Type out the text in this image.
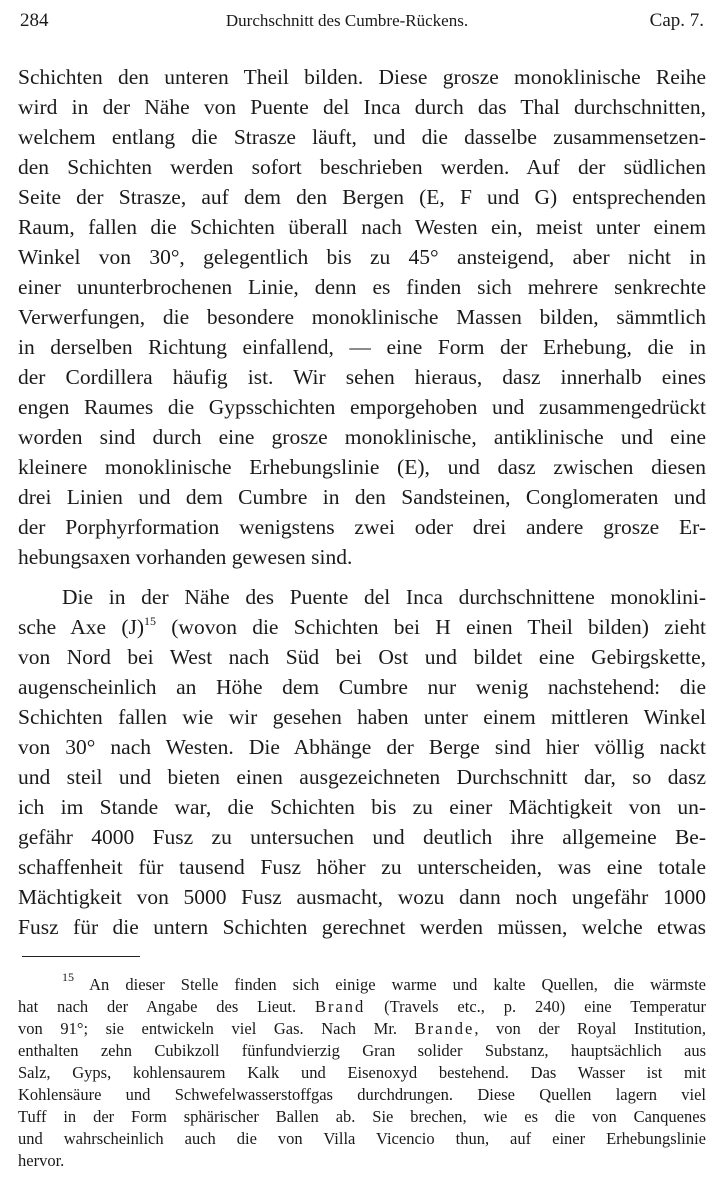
284	Durchschnitt des Cumbre-Rückens.	Cap. 7.
Schichten den unteren Theil bilden. Diese grosze monoklinische Reihe
wird in der Nähe von Puente del Inca durch das Thal durchschnitten,
welchem entlang die Strasze läuft, und die dasselbe zusammensetzen-
den Schichten werden sofort beschrieben werden. Auf der südlichen
Seite der Strasze, auf dem den Bergen (E, F und G) entsprechenden
Raum, fallen die Schichten überall nach Westen ein, meist unter einem
Winkel von 30°, gelegentlich bis zu 45° ansteigend, aber nicht in
einer ununterbrochenen Linie, denn es finden sich mehrere senkrechte
Verwerfungen, die besondere monoklinische Massen bilden, sämmtlich
in derselben Richtung einfallend, — eine Form der Erhebung, die in
der Cordillera häufig ist. Wir sehen hieraus, dasz innerhalb eines
engen Raumes die Gypsschichten emporgehoben und zusammengedrückt
worden sind durch eine grosze monoklinische, antiklinische und eine
kleinere monoklinische Erhebungslinie (E), und dasz zwischen diesen
drei Linien und dem Cumbre in den Sandsteinen, Conglomeraten und
der Porphyrformation wenigstens zwei oder drei andere grosze Er-
hebungsaxen vorhanden gewesen sind.
Die in der Nähe des Puente del Inca durchschnittene monoklini-
sche Axe $(J)^{15}$ (wovon die Schichten bei H einen Theil bilden) zieht
von Nord bei West nach Süd bei Ost und bildet eine Gebirgskette,
augenscheinlich an Höhe dem Cumbre nur wenig nachstehend: die
Schichten fallen wie wir gesehen haben unter einem mittleren Winkel
von 30° nach Westen. Die Abhänge der Berge sind hier völlig nackt
und steil und bieten einen ausgezeichneten Durchschnitt dar, so dasz
ich im Stande war, die Schichten bis zu einer Mächtigkeit von un-
gefähr 4000 Fusz zu untersuchen und deutlich ihre allgemeine Be-
schaffenheit für tausend Fusz höher zu unterscheiden, was eine totale
Mächtigkeit von 5000 Fusz ausmacht, wozu dann noch ungefähr 1000
Fusz für die untern Schichten gerechnet werden müssen, welche etwas
$^{15}$ An dieser Stelle finden sich einige warme und kalte Quellen, die wärmste
hat nach der Angabe des Lieut. Brand (Travels etc., p. 240) eine Temperatur
von 91°; sie entwickeln viel Gas. Nach Mr. Brande, von der Royal Institution,
enthalten zehn Cubikzoll fünfundvierzig Gran solider Substanz, hauptsächlich aus
Salz, Gyps, kohlensaurem Kalk und Eisenoxyd bestehend. Das Wasser ist mit
Kohlensäure und Schwefelwasserstoffgas durchdrungen. Diese Quellen lagern viel
Tuff in der Form sphärischer Ballen ab. Sie brechen, wie es die von Canquenes
und wahrscheinlich auch die von Villa Vicencio thun, auf einer Erhebungslinie
hervor.
